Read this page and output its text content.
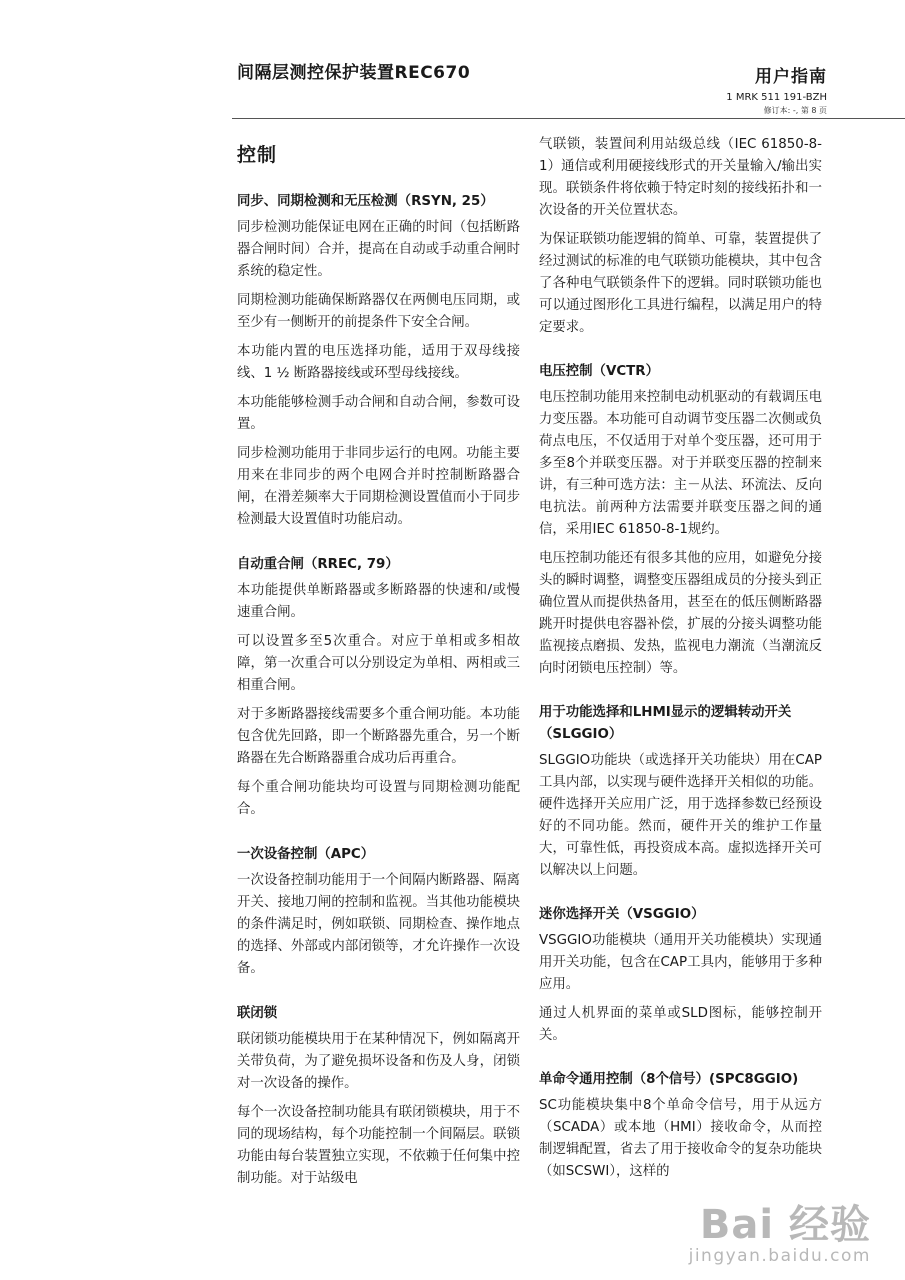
间隔层测控保护装置REC670	用户指南
1 MRK 511 191-BZH
修订本: -, 第 8 页
控制
同步、同期检测和无压检测（RSYN, 25）

同步检测功能保证电网在正确的时间（包括断路器合闸时间）合并，提高在自动或手动重合闸时系统的稳定性。

同期检测功能确保断路器仅在两侧电压同期，或至少有一侧断开的前提条件下安全合闸。

本功能内置的电压选择功能，适用于双母线接线、1 ½ 断路器接线或环型母线接线。

本功能能够检测手动合闸和自动合闸，参数可设置。

同步检测功能用于非同步运行的电网。功能主要用来在非同步的两个电网合并时控制断路器合闸，在滑差频率大于同期检测设置值而小于同步检测最大设置值时功能启动。

自动重合闸（RREC, 79）

本功能提供单断路器或多断路器的快速和/或慢速重合闸。

可以设置多至5次重合。对应于单相或多相故障，第一次重合可以分别设定为单相、两相或三相重合闸。

对于多断路器接线需要多个重合闸功能。本功能包含优先回路，即一个断路器先重合，另一个断路器在先合断路器重合成功后再重合。

每个重合闸功能块均可设置与同期检测功能配合。

一次设备控制（APC）

一次设备控制功能用于一个间隔内断路器、隔离开关、接地刀闸的控制和监视。当其他功能模块的条件满足时，例如联锁、同期检查、操作地点的选择、外部或内部闭锁等，才允许操作一次设备。

联闭锁

联闭锁功能模块用于在某种情况下，例如隔离开关带负荷，为了避免损坏设备和伤及人身，闭锁对一次设备的操作。

每个一次设备控制功能具有联闭锁模块，用于不同的现场结构，每个功能控制一个间隔层。联锁功能由每台装置独立实现，不依赖于任何集中控制功能。对于站级电

气联锁，装置间利用站级总线（IEC 61850-8-1）通信或利用硬接线形式的开关量输入/输出实现。联锁条件将依赖于特定时刻的接线拓扑和一次设备的开关位置状态。

为保证联锁功能逻辑的简单、可靠，装置提供了经过测试的标准的电气联锁功能模块，其中包含了各种电气联锁条件下的逻辑。同时联锁功能也可以通过图形化工具进行编程，以满足用户的特定要求。

电压控制（VCTR）

电压控制功能用来控制电动机驱动的有载调压电力变压器。本功能可自动调节变压器二次侧或负荷点电压，不仅适用于对单个变压器，还可用于多至8个并联变压器。对于并联变压器的控制来讲，有三种可选方法：主－从法、环流法、反向电抗法。前两种方法需要并联变压器之间的通信，采用IEC 61850-8-1规约。

电压控制功能还有很多其他的应用，如避免分接头的瞬时调整，调整变压器组成员的分接头到正确位置从而提供热备用，甚至在的低压侧断路器跳开时提供电容器补偿，扩展的分接头调整功能监视接点磨损、发热，监视电力潮流（当潮流反向时闭锁电压控制）等。

用于功能选择和LHMI显示的逻辑转动开关（SLGGIO）

SLGGIO功能块（或选择开关功能块）用在CAP工具内部，以实现与硬件选择开关相似的功能。硬件选择开关应用广泛，用于选择参数已经预设好的不同功能。然而，硬件开关的维护工作量大，可靠性低，再投资成本高。虚拟选择开关可以解决以上问题。

迷你选择开关（VSGGIO）

VSGGIO功能模块（通用开关功能模块）实现通用开关功能，包含在CAP工具内，能够用于多种应用。

通过人机界面的菜单或SLD图标，能够控制开关。

单命令通用控制（8个信号）(SPC8GGIO)

SC功能模块集中8个单命令信号，用于从远方（SCADA）或本地（HMI）接收命令，从而控制逻辑配置，省去了用于接收命令的复杂功能块（如SCSWI），这样的

Bai 经验
jingyan.baidu.com
